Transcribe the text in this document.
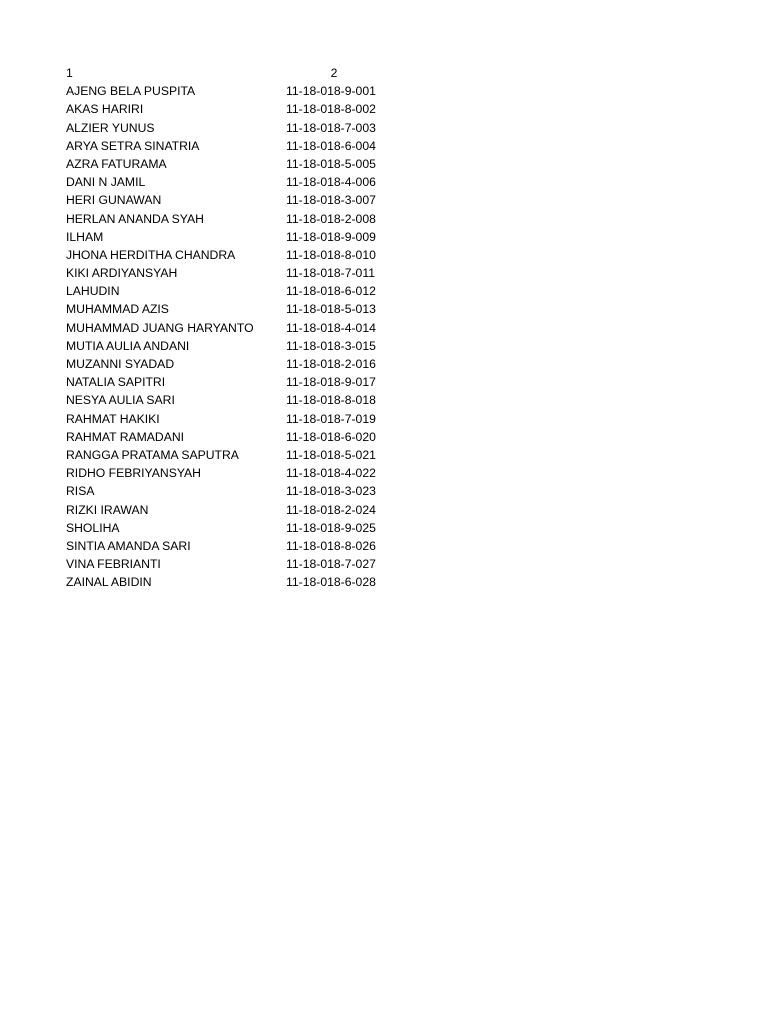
1	2
AJENG BELA PUSPITA	11-18-018-9-001
AKAS HARIRI	11-18-018-8-002
ALZIER YUNUS	11-18-018-7-003
ARYA SETRA SINATRIA	11-18-018-6-004
AZRA FATURAMA	11-18-018-5-005
DANI N JAMIL	11-18-018-4-006
HERI GUNAWAN	11-18-018-3-007
HERLAN ANANDA SYAH	11-18-018-2-008
ILHAM	11-18-018-9-009
JHONA HERDITHA CHANDRA	11-18-018-8-010
KIKI ARDIYANSYAH	11-18-018-7-011
LAHUDIN	11-18-018-6-012
MUHAMMAD AZIS	11-18-018-5-013
MUHAMMAD JUANG HARYANTO	11-18-018-4-014
MUTIA AULIA ANDANI	11-18-018-3-015
MUZANNI SYADAD	11-18-018-2-016
NATALIA SAPITRI	11-18-018-9-017
NESYA AULIA SARI	11-18-018-8-018
RAHMAT HAKIKI	11-18-018-7-019
RAHMAT RAMADANI	11-18-018-6-020
RANGGA PRATAMA SAPUTRA	11-18-018-5-021
RIDHO FEBRIYANSYAH	11-18-018-4-022
RISA	11-18-018-3-023
RIZKI IRAWAN	11-18-018-2-024
SHOLIHA	11-18-018-9-025
SINTIA AMANDA SARI	11-18-018-8-026
VINA FEBRIANTI	11-18-018-7-027
ZAINAL ABIDIN	11-18-018-6-028
